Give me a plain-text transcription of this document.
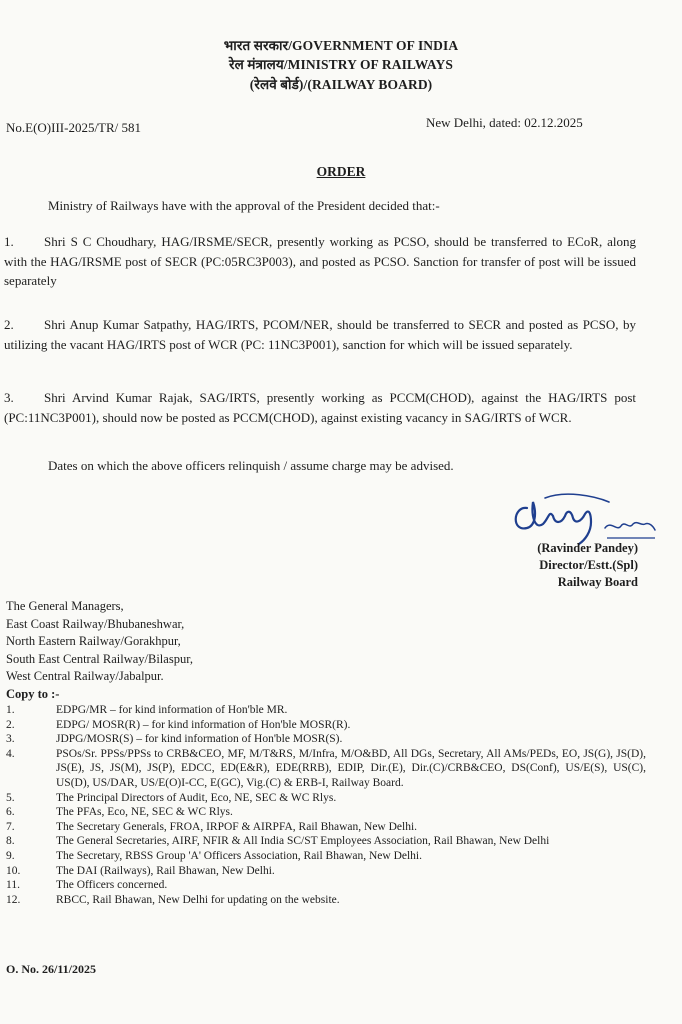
भारत सरकार/GOVERNMENT OF INDIA
रेल मंत्रालय/MINISTRY OF RAILWAYS
(रेलवे बोर्ड)/(RAILWAY BOARD)
No.E(O)III-2025/TR/ 581	New Delhi, dated: 02.12.2025
ORDER
Ministry of Railways have with the approval of the President decided that:-
1. Shri S C Choudhary, HAG/IRSME/SECR, presently working as PCSO, should be transferred to ECoR, along with the HAG/IRSME post of SECR (PC:05RC3P003), and posted as PCSO. Sanction for transfer of post will be issued separately
2. Shri Anup Kumar Satpathy, HAG/IRTS, PCOM/NER, should be transferred to SECR and posted as PCSO, by utilizing the vacant HAG/IRTS post of WCR (PC: 11NC3P001), sanction for which will be issued separately.
3. Shri Arvind Kumar Rajak, SAG/IRTS, presently working as PCCM(CHOD), against the HAG/IRTS post (PC:11NC3P001), should now be posted as PCCM(CHOD), against existing vacancy in SAG/IRTS of WCR.
Dates on which the above officers relinquish / assume charge may be advised.
(Ravinder Pandey)
Director/Estt.(Spl)
Railway Board
The General Managers,
East Coast Railway/Bhubaneshwar,
North Eastern Railway/Gorakhpur,
South East Central Railway/Bilaspur,
West Central Railway/Jabalpur.
Copy to :-
1.	EDPG/MR – for kind information of Hon'ble MR.
2.	EDPG/ MOSR(R) – for kind information of Hon'ble MOSR(R).
3.	JDPG/MOSR(S) – for kind information of Hon'ble MOSR(S).
4.	PSOs/Sr. PPSs/PPSs to CRB&CEO, MF, M/T&RS, M/Infra, M/O&BD, All DGs, Secretary, All AMs/PEDs, EO, JS(G), JS(D), JS(E), JS, JS(M), JS(P), EDCC, ED(E&R), EDE(RRB), EDIP, Dir.(E), Dir.(C)/CRB&CEO, DS(Conf), US/E(S), US(C), US(D), US/DAR, US/E(O)I-CC, E(GC), Vig.(C) & ERB-I, Railway Board.
5.	The Principal Directors of Audit, Eco, NE, SEC & WC Rlys.
6.	The PFAs, Eco, NE, SEC & WC Rlys.
7.	The Secretary Generals, FROA, IRPOF & AIRPFA, Rail Bhawan, New Delhi.
8.	The General Secretaries, AIRF, NFIR & All India SC/ST Employees Association, Rail Bhawan, New Delhi
9.	The Secretary, RBSS Group 'A' Officers Association, Rail Bhawan, New Delhi.
10.	The DAI (Railways), Rail Bhawan, New Delhi.
11.	The Officers concerned.
12.	RBCC, Rail Bhawan, New Delhi for updating on the website.
O. No. 26/11/2025
